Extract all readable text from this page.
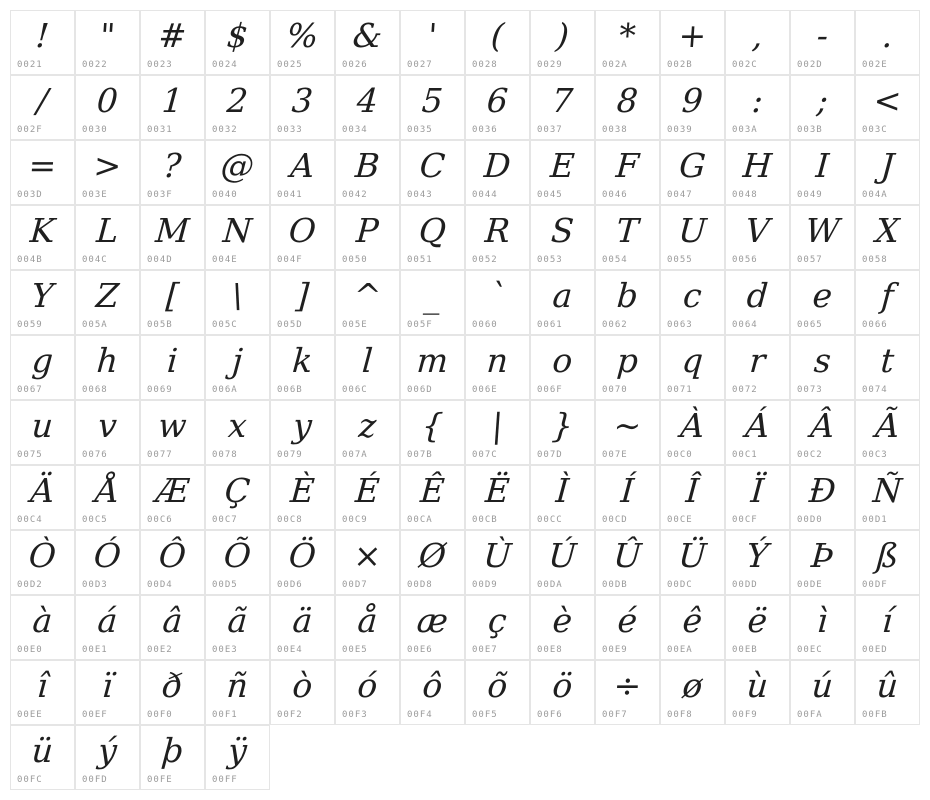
!
0021
"
0022
#
0023
$
0024
%
0025
&
0026
'
0027
(
0028
)
0029
*
002A
+
002B
,
002C
-
002D
.
002E
/
002F
0
0030
1
0031
2
0032
3
0033
4
0034
5
0035
6
0036
7
0037
8
0038
9
0039
:
003A
;
003B
<
003C
=
003D
>
003E
?
003F
@
0040
A
0041
B
0042
C
0043
D
0044
E
0045
F
0046
G
0047
H
0048
I
0049
J
004A
K
004B
L
004C
M
004D
N
004E
O
004F
P
0050
Q
0051
R
0052
S
0053
T
0054
U
0055
V
0056
W
0057
X
0058
Y
0059
Z
005A
[
005B
\
005C
]
005D
^
005E
_
005F
`
0060
a
0061
b
0062
c
0063
d
0064
e
0065
f
0066
g
0067
h
0068
i
0069
j
006A
k
006B
l
006C
m
006D
n
006E
o
006F
p
0070
q
0071
r
0072
s
0073
t
0074
u
0075
v
0076
w
0077
x
0078
y
0079
z
007A
{
007B
|
007C
}
007D
~
007E
À
00C0
Á
00C1
Â
00C2
Ã
00C3
Ä
00C4
Å
00C5
Æ
00C6
Ç
00C7
È
00C8
É
00C9
Ê
00CA
Ë
00CB
Ì
00CC
Í
00CD
Î
00CE
Ï
00CF
Ð
00D0
Ñ
00D1
Ò
00D2
Ó
00D3
Ô
00D4
Õ
00D5
Ö
00D6
×
00D7
Ø
00D8
Ù
00D9
Ú
00DA
Û
00DB
Ü
00DC
Ý
00DD
Þ
00DE
ß
00DF
à
00E0
á
00E1
â
00E2
ã
00E3
ä
00E4
å
00E5
æ
00E6
ç
00E7
è
00E8
é
00E9
ê
00EA
ë
00EB
ì
00EC
í
00ED
î
00EE
ï
00EF
ð
00F0
ñ
00F1
ò
00F2
ó
00F3
ô
00F4
õ
00F5
ö
00F6
÷
00F7
ø
00F8
ù
00F9
ú
00FA
û
00FB
ü
00FC
ý
00FD
þ
00FE
ÿ
00FF
